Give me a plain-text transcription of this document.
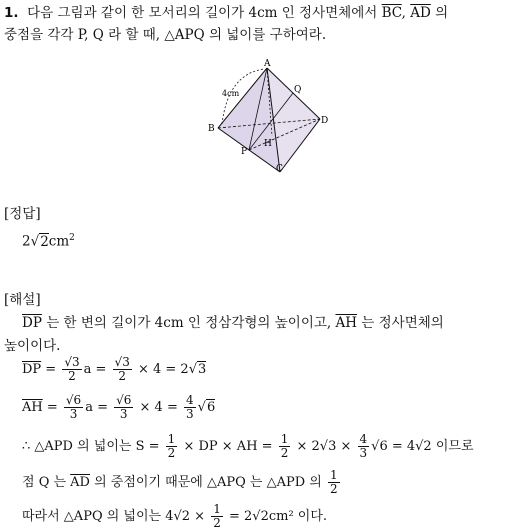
1. 다음 그림과 같이 한 모서리의 길이가 4cm 인 정사면체에서 $\overline{BC}$, $\overline{AD}$ 의
중점을 각각 P, Q 라 할 때, △APQ 의 넓이를 구하여라.
A
B
C
D
P
Q
H
4cm
[정답]
$2√2cm^2$
[해설]
$\overline{DP}$ 는 한 변의 길이가 4cm 인 정삼각형의 높이이고, $\overline{AH}$ 는 정사면체의
높이이다.
$\overline{DP} = \frac{√3}{2}$ $a = \frac{√3}{2} \times 4 = 2√3$
$\overline{AH} = \frac{√6}{3}$ $a = \frac{√6}{3} \times 4 = \frac{4}{3} √6$
∴ △APD 의 넓이는 $S = \frac{1}{2}$ × DP × AH = $\frac{1}{2} \times 2√3 \times \frac{4}{3} √6 = 4√2$ 이므로
점 Q 는 $\overline{AD}$ 의 중점이기 때문에 △APQ 는 △APD 의 $\frac{1}{2}$
따라서 △APQ 의 넓이는 $4√2 \times \frac{1}{2} = 2√2cm^2$ 이다.
